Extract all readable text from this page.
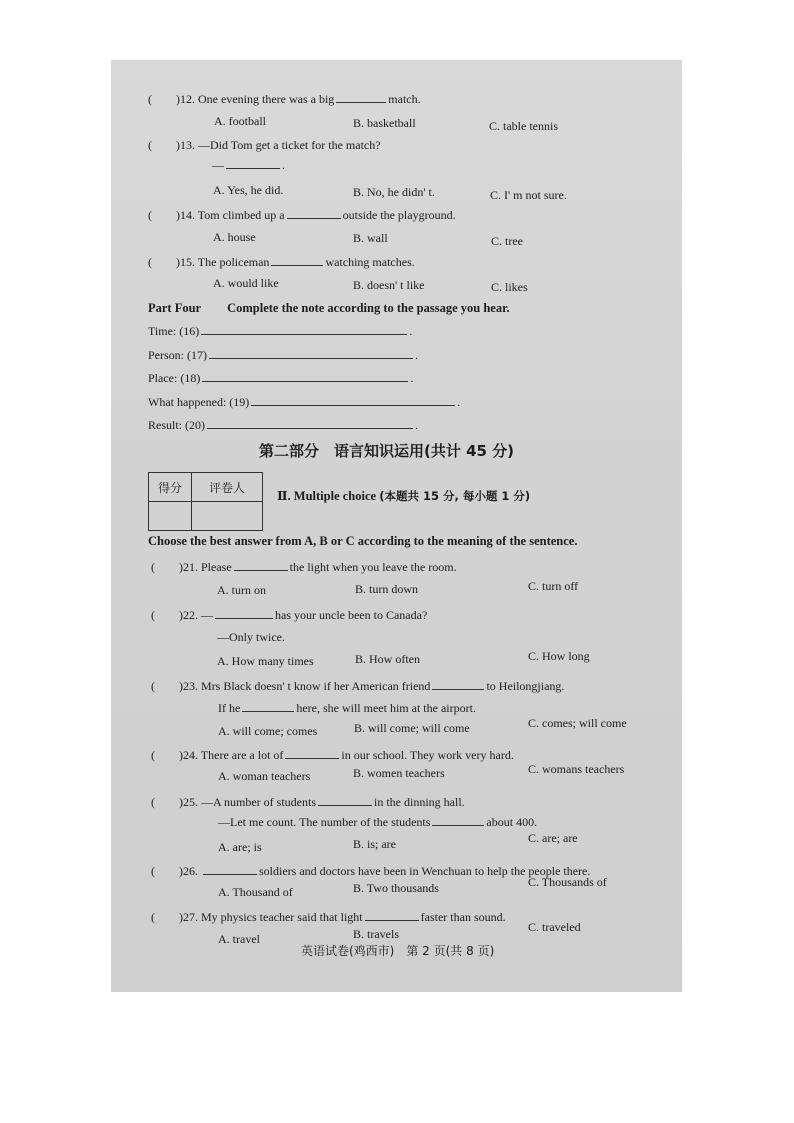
(　　)12. One evening there was a big	match.
A. football	B. basketball	C. table tennis
(　　)13. —Did Tom get a ticket for the match?
—	.
A. Yes, he did.	B. No, he didn' t.	C. I' m not sure.
(　　)14. Tom climbed up a	outside the playground.
A. house	B. wall	C. tree
(　　)15. The policeman	watching matches.
A. would like	B. doesn' t like	C. likes
Part Four Complete the note according to the passage you hear.
Time: (16)	.
Person: (17)	.
Place: (18)	.
What happened: (19)	.
Result: (20)	.
第二部分　语言知识运用(共计 45 分)
得分	评卷人

Ⅱ. Multiple choice (本题共 15 分, 每小题 1 分)
Choose the best answer from A, B or C according to the meaning of the sentence.
(　　)21. Please	the light when you leave the room.
A. turn on	B. turn down	C. turn off
(　　)22. —	has your uncle been to Canada?
—Only twice.
A. How many times	B. How often	C. How long
(　　)23. Mrs Black doesn' t know if her American friend	to Heilongjiang.
If he	here, she will meet him at the airport.
A. will come; comes	B. will come; will come	C. comes; will come
(　　)24. There are a lot of	in our school. They work very hard.
A. woman teachers	B. women teachers	C. womans teachers
(　　)25. —A number of students	in the dinning hall.
—Let me count. The number of the students	about 400.
A. are; is	B. is; are	C. are; are
(　　)26.	soldiers and doctors have been in Wenchuan to help the people there.
A. Thousand of	B. Two thousands	C. Thousands of
(　　)27. My physics teacher said that light	faster than sound.
A. travel	B. travels	C. traveled
英语试卷(鸡西市)　第 2 页(共 8 页)
